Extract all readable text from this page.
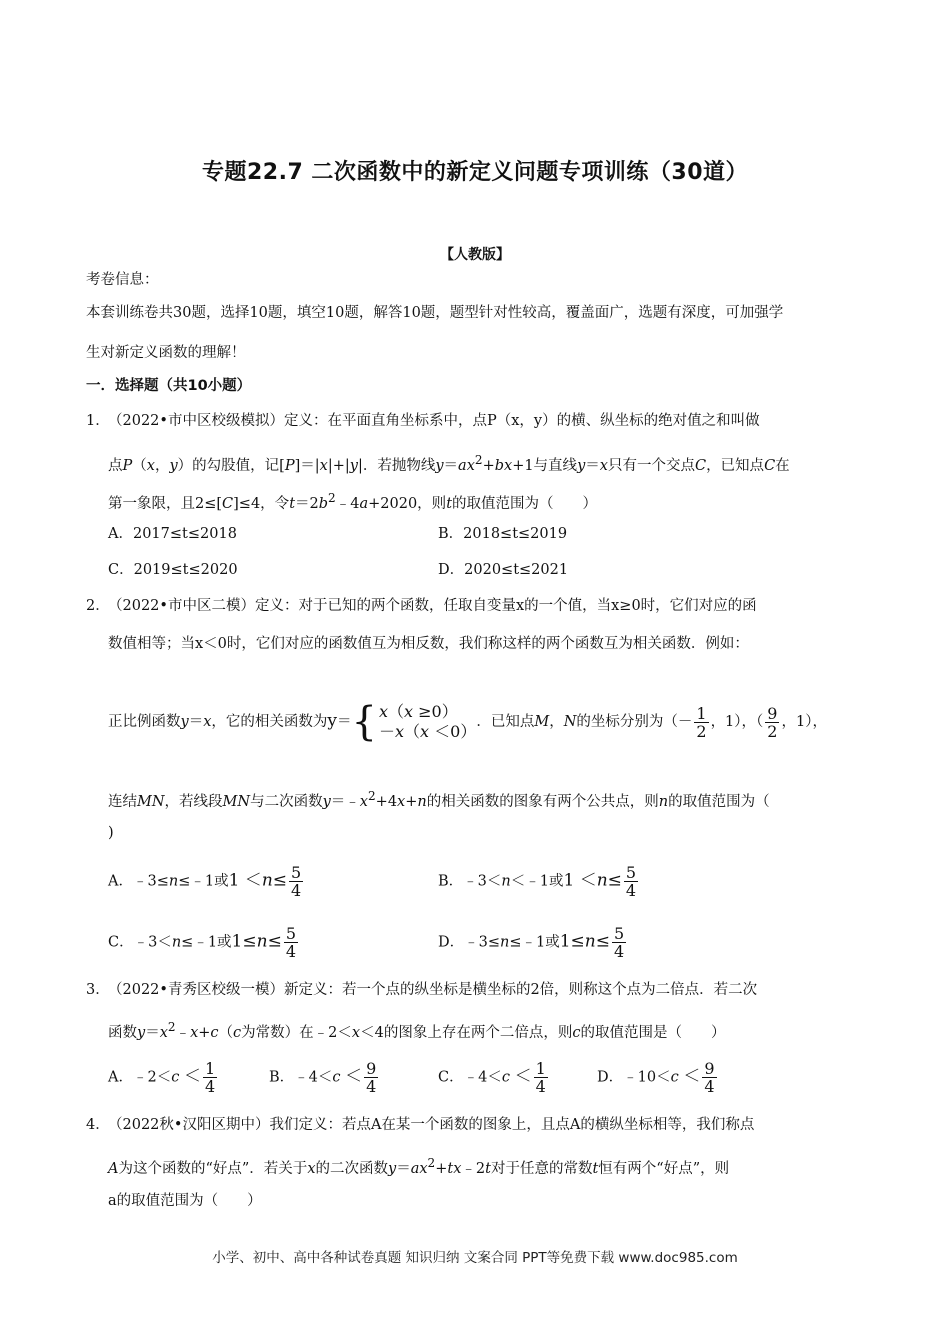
专题22.7 二次函数中的新定义问题专项训练（30道）
【人教版】
考卷信息：
本套训练卷共30题，选择10题，填空10题，解答10题，题型针对性较高，覆盖面广，选题有深度，可加强学
生对新定义函数的理解！
一．选择题（共10小题）
1．
（2022•市中区校级模拟）定义：在平面直角坐标系中，点P（x，y）的横、纵坐标的绝对值之和叫做
点P（x，y）的勾股值，记[P]＝|x|+|y|．若抛物线$y=ax^2+bx+1$与直线y＝x只有一个交点C，已知点C在
第一象限，且2≤[C]≤4，令$t=2b^2﹣4a+2020$，则t的取值范围为（　　）
A．2017≤t≤2018	B．2018≤t≤2019
C．2019≤t≤2020	D．2020≤t≤2021
2．
（2022•市中区二模）定义：对于已知的两个函数，任取自变量x的一个值，当x≥0时，它们对应的函
数值相等；当x＜0时，它们对应的函数值互为相反数，我们称这样的两个函数互为相关函数．例如：
正比例函数y＝x，它的相关函数为y＝ { x（x ≥0）
－x（x ＜0） ．已知点M，N的坐标分别为（－ $\frac{1}{2}$ ，1），（ $\frac{9}{2}$ ，1），
连结MN，若线段MN与二次函数$y=﹣x^2+4x+n$的相关函数的图象有两个公共点，则n的取值范围为（
)
A．﹣3≤n≤﹣1或$1 <n\le \frac{5}{4}$	B．﹣3＜n＜﹣1或$1 <n\le \frac{5}{4}$
C．﹣3＜n≤﹣1或$1\le n\le \frac{5}{4}$	D．﹣3≤n≤﹣1或$1\le n\le \frac{5}{4}$
3．
（2022•青秀区校级一模）新定义：若一个点的纵坐标是横坐标的2倍，则称这个点为二倍点．若二次
函数$y=x^2﹣x+c(c$为常数）在﹣2＜x＜4的图象上存在两个二倍点，则c的取值范围是（　　）
A．﹣2＜c ＜ $\frac{1}{4}$	B．﹣4＜c ＜ $\frac{9}{4}$	C．﹣4＜c ＜ $\frac{1}{4}$	D．﹣10＜c ＜ $\frac{9}{4}$
4．
（2022秋•汉阳区期中）我们定义：若点A在某一个函数的图象上，且点A的横纵坐标相等，我们称点
A为这个函数的“好点”．若关于x的二次函数$y=ax^2+tx﹣2t$对于任意的常数t恒有两个“好点”，则
a的取值范围为（　　）
小学、初中、高中各种试卷真题 知识归纳 文案合同 PPT等免费下载 www.doc985.com
